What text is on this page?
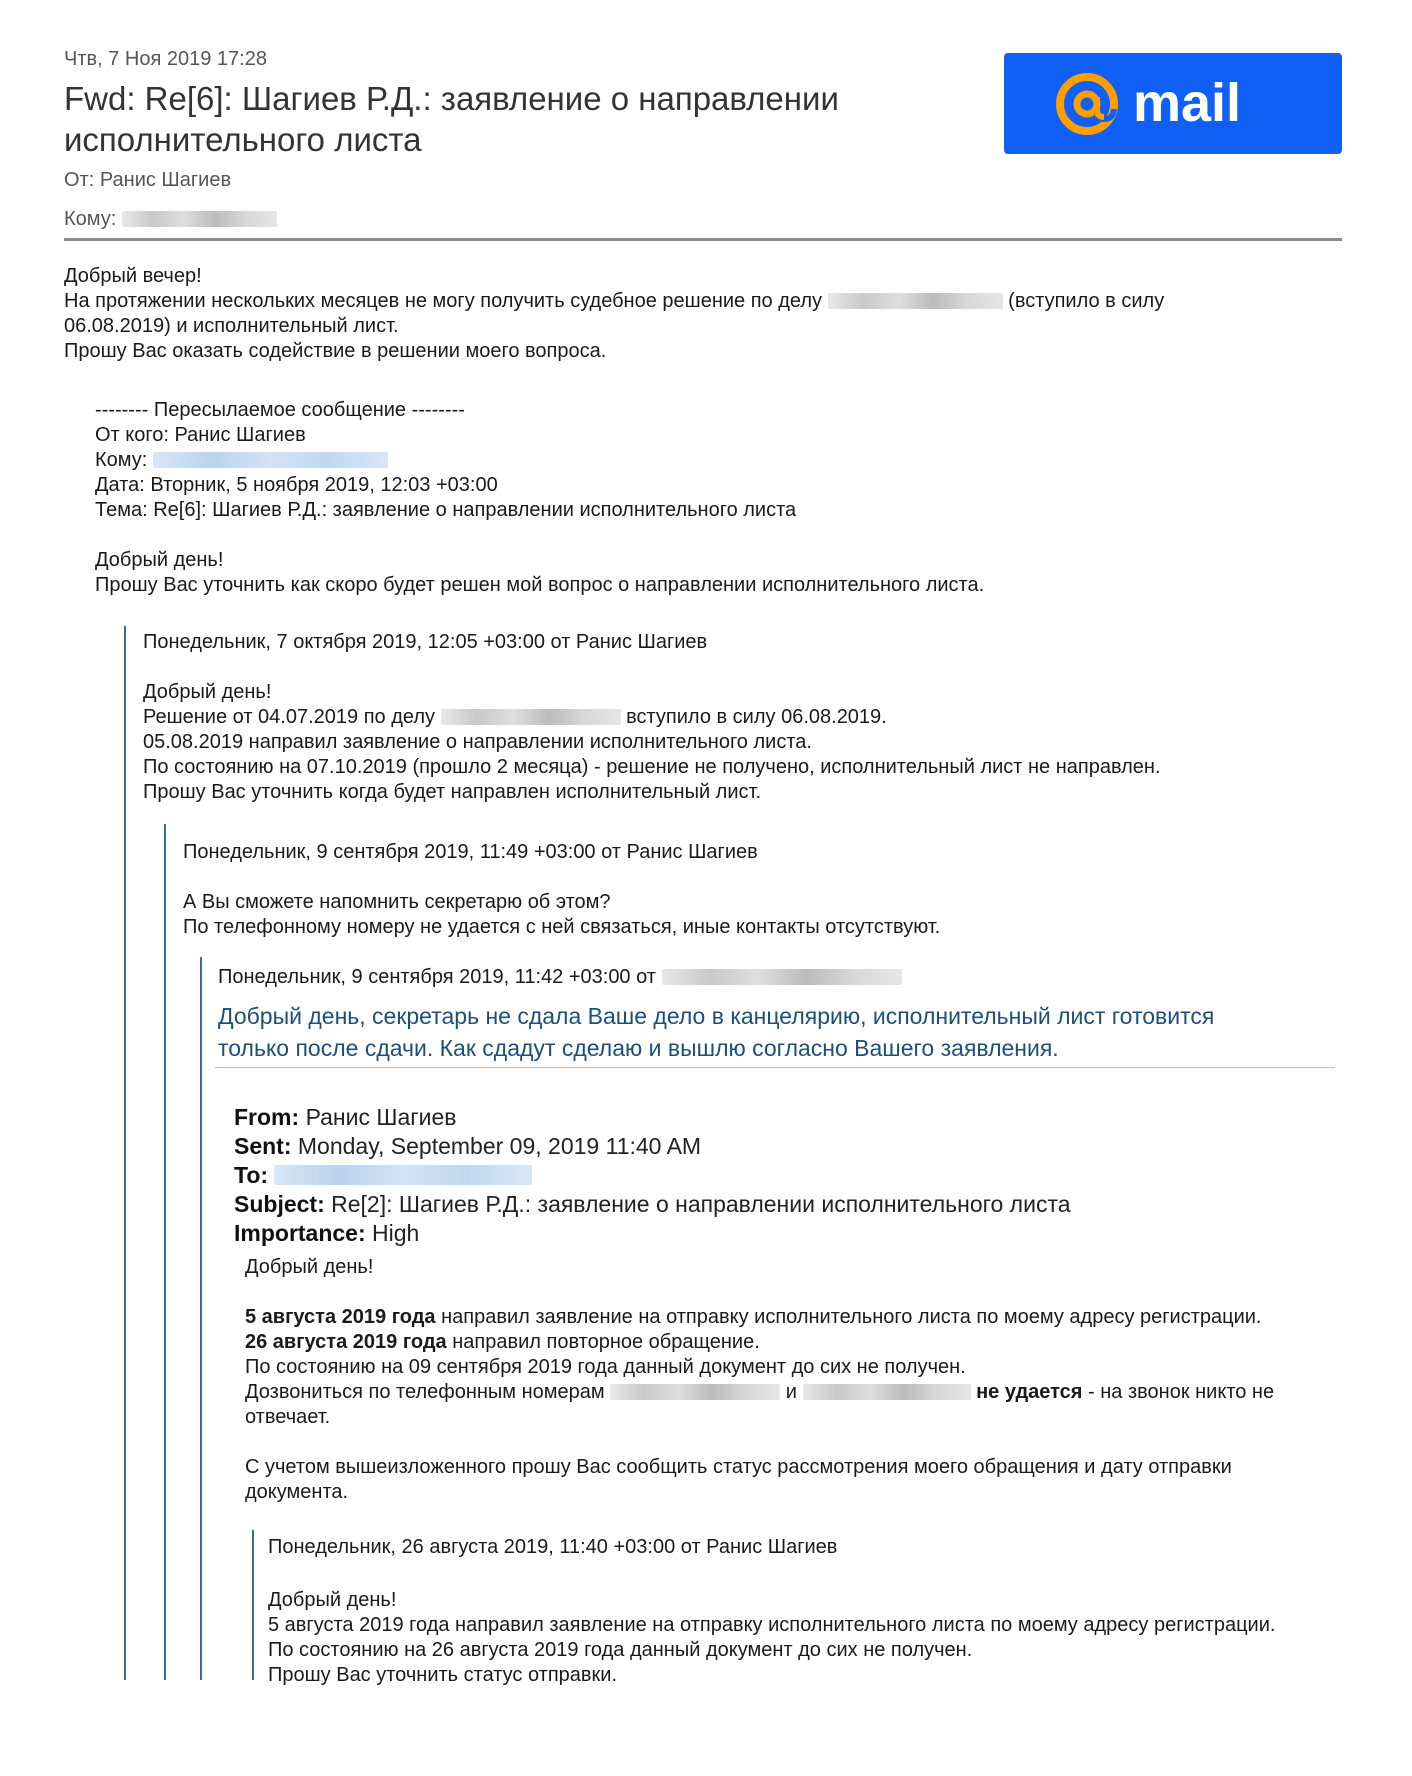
Чтв, 7 Ноя 2019 17:28
Fwd: Re[6]: Шагиев Р.Д.: заявление о направлении исполнительного листа
От: Ранис Шагиев
Кому:
mail
Добрый вечер!
На протяжении нескольких месяцев не могу получить судебное решение по делу	(вступило в силу
06.08.2019) и исполнительный лист.
Прошу Вас оказать содействие в решении моего вопроса.
-------- Пересылаемое сообщение --------
От кого: Ранис Шагиев
Кому:
Дата: Вторник, 5 ноября 2019, 12:03 +03:00
Тема: Re[6]: Шагиев Р.Д.: заявление о направлении исполнительного листа
Добрый день!
Прошу Вас уточнить как скоро будет решен мой вопрос о направлении исполнительного листа.
Понедельник, 7 октября 2019, 12:05 +03:00 от Ранис Шагиев
Добрый день!
Решение от 04.07.2019 по делу	вступило в силу 06.08.2019.
05.08.2019 направил заявление о направлении исполнительного листа.
По состоянию на 07.10.2019 (прошло 2 месяца) - решение не получено, исполнительный лист не направлен.
Прошу Вас уточнить когда будет направлен исполнительный лист.
Понедельник, 9 сентября 2019, 11:49 +03:00 от Ранис Шагиев
А Вы сможете напомнить секретарю об этом?
По телефонному номеру не удается с ней связаться, иные контакты отсутствуют.
Понедельник, 9 сентября 2019, 11:42 +03:00 от
Добрый день, секретарь не сдала Ваше дело в канцелярию, исполнительный лист готовится
только после сдачи. Как сдадут сделаю и вышлю согласно Вашего заявления.
From: Ранис Шагиев
Sent: Monday, September 09, 2019 11:40 AM
To:
Subject: Re[2]: Шагиев Р.Д.: заявление о направлении исполнительного листа
Importance: High
Добрый день!
5 августа 2019 года направил заявление на отправку исполнительного листа по моему адресу регистрации.
26 августа 2019 года направил повторное обращение.
По состоянию на 09 сентября 2019 года данный документ до сих не получен.
Дозвониться по телефонным номерам	и	не удается - на звонок никто не
отвечает.
С учетом вышеизложенного прошу Вас сообщить статус рассмотрения моего обращения и дату отправки
документа.
Понедельник, 26 августа 2019, 11:40 +03:00 от Ранис Шагиев
Добрый день!
5 августа 2019 года направил заявление на отправку исполнительного листа по моему адресу регистрации.
По состоянию на 26 августа 2019 года данный документ до сих не получен.
Прошу Вас уточнить статус отправки.
